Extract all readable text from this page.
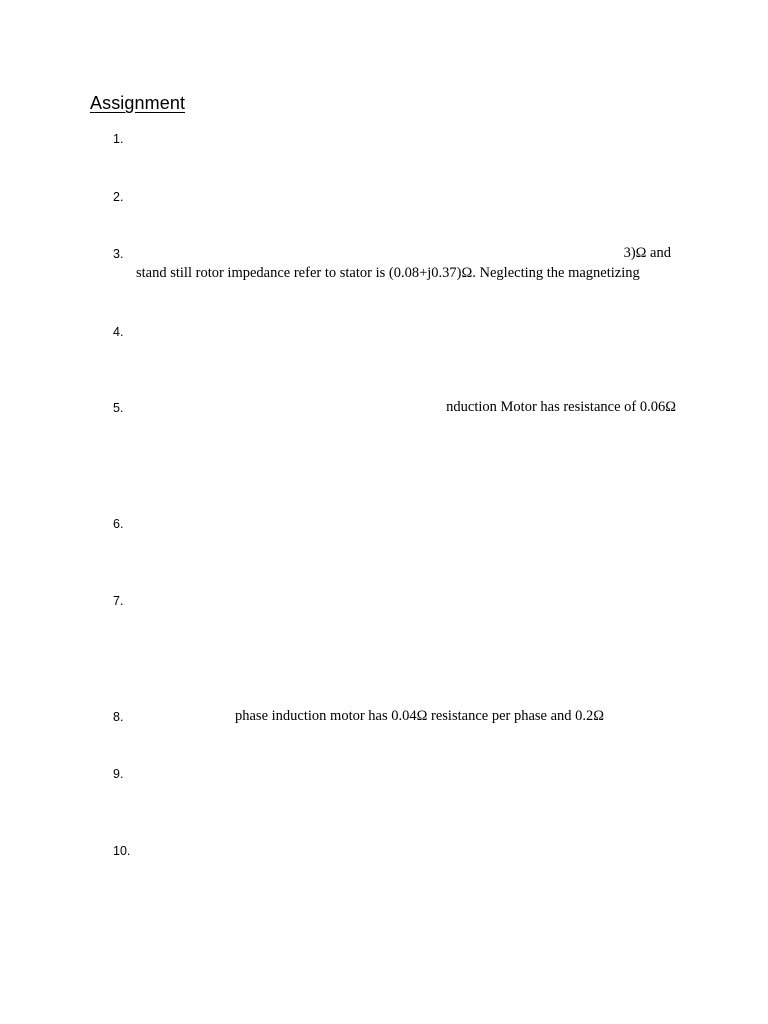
Assignment
1.
2.
3.	3)Ω and
stand still rotor impedance refer to stator is (0.08+j0.37)Ω. Neglecting the magnetizing
4.
5.	nduction Motor has resistance of 0.06Ω
6.
7.
8.	phase induction motor has 0.04Ω resistance per phase and 0.2Ω
9.
10.
